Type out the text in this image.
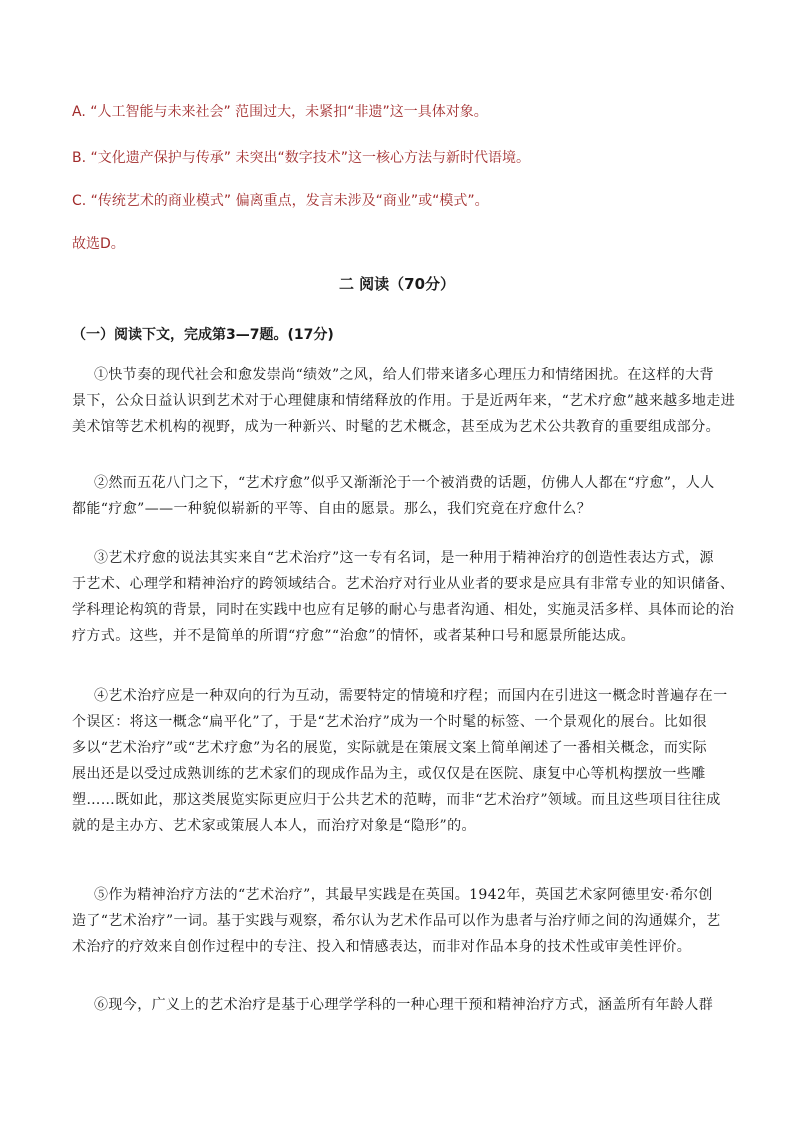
A. “人工智能与未来社会” 范围过大，未紧扣“非遗”这一具体对象。
B. “文化遗产保护与传承” 未突出“数字技术”这一核心方法与新时代语境。
C. “传统艺术的商业模式” 偏离重点，发言未涉及“商业”或“模式”。
故选D。
二 阅读（70分）
（一）阅读下文，完成第3—7题。(17分)
①快节奏的现代社会和愈发崇尚“绩效”之风，给人们带来诸多心理压力和情绪困扰。在这样的大背
景下，公众日益认识到艺术对于心理健康和情绪释放的作用。于是近两年来，“艺术疗愈”越来越多地走进
美术馆等艺术机构的视野，成为一种新兴、时髦的艺术概念，甚至成为艺术公共教育的重要组成部分。
②然而五花八门之下，“艺术疗愈”似乎又渐渐沦于一个被消费的话题，仿佛人人都在“疗愈”，人人
都能“疗愈”——一种貌似崭新的平等、自由的愿景。那么，我们究竟在疗愈什么？
③艺术疗愈的说法其实来自“艺术治疗”这一专有名词，是一种用于精神治疗的创造性表达方式，源
于艺术、心理学和精神治疗的跨领域结合。艺术治疗对行业从业者的要求是应具有非常专业的知识储备、
学科理论构筑的背景，同时在实践中也应有足够的耐心与患者沟通、相处，实施灵活多样、具体而论的治
疗方式。这些，并不是简单的所谓“疗愈”“治愈”的情怀，或者某种口号和愿景所能达成。
④艺术治疗应是一种双向的行为互动，需要特定的情境和疗程；而国内在引进这一概念时普遍存在一
个误区：将这一概念“扁平化”了，于是“艺术治疗”成为一个时髦的标签、一个景观化的展台。比如很
多以“艺术治疗”或“艺术疗愈”为名的展览，实际就是在策展文案上简单阐述了一番相关概念，而实际
展出还是以受过成熟训练的艺术家们的现成作品为主，或仅仅是在医院、康复中心等机构摆放一些雕
塑……既如此，那这类展览实际更应归于公共艺术的范畴，而非“艺术治疗”领域。而且这些项目往往成
就的是主办方、艺术家或策展人本人，而治疗对象是“隐形”的。
⑤作为精神治疗方法的“艺术治疗”，其最早实践是在英国。1942年，英国艺术家阿德里安·希尔创
造了“艺术治疗”一词。基于实践与观察，希尔认为艺术作品可以作为患者与治疗师之间的沟通媒介，艺
术治疗的疗效来自创作过程中的专注、投入和情感表达，而非对作品本身的技术性或审美性评价。
⑥现今，广义上的艺术治疗是基于心理学学科的一种心理干预和精神治疗方式，涵盖所有年龄人群
